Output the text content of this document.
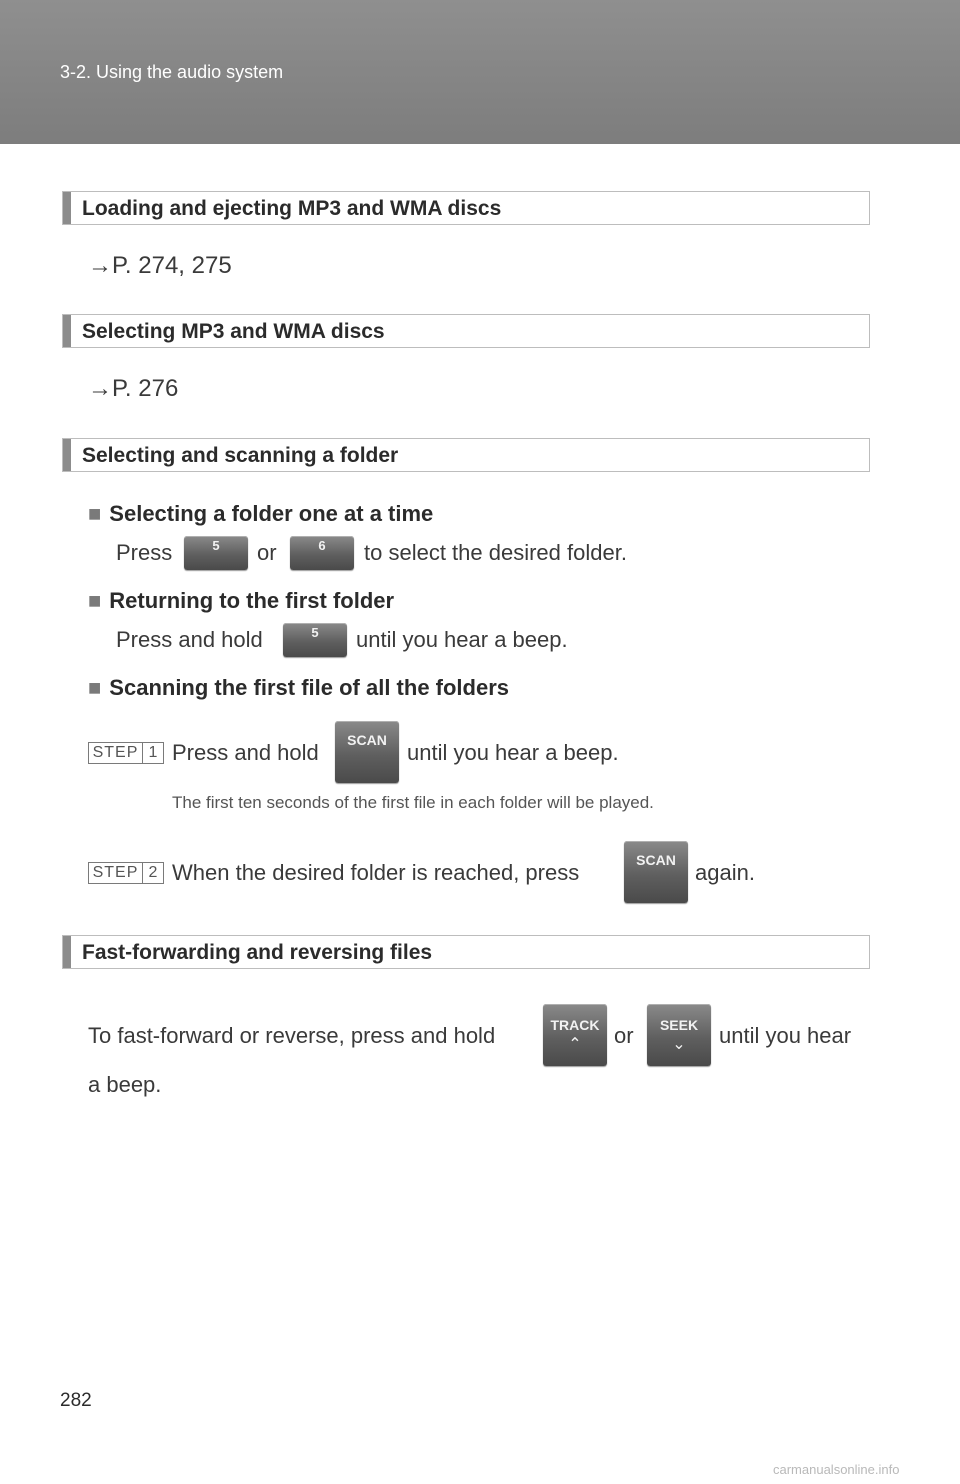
3-2. Using the audio system
Loading and ejecting MP3 and WMA discs
→P. 274, 275
Selecting MP3 and WMA discs
→P. 276
Selecting and scanning a folder
■ Selecting a folder one at a time
Press	5	or	6	to select the desired folder.
■ Returning to the first folder
Press and hold	5	until you hear a beep.
■ Scanning the first file of all the folders
STEP 1 Press and hold	SCAN until you hear a beep.
The first ten seconds of the first file in each folder will be played.
STEP 2 When the desired folder is reached, press	SCAN again.
Fast-forwarding and reversing files
To fast-forward or reverse, press and hold	TRACK
⌃	or	SEEK
⌄	until you hear
a beep.
282
carmanualsonline.info
